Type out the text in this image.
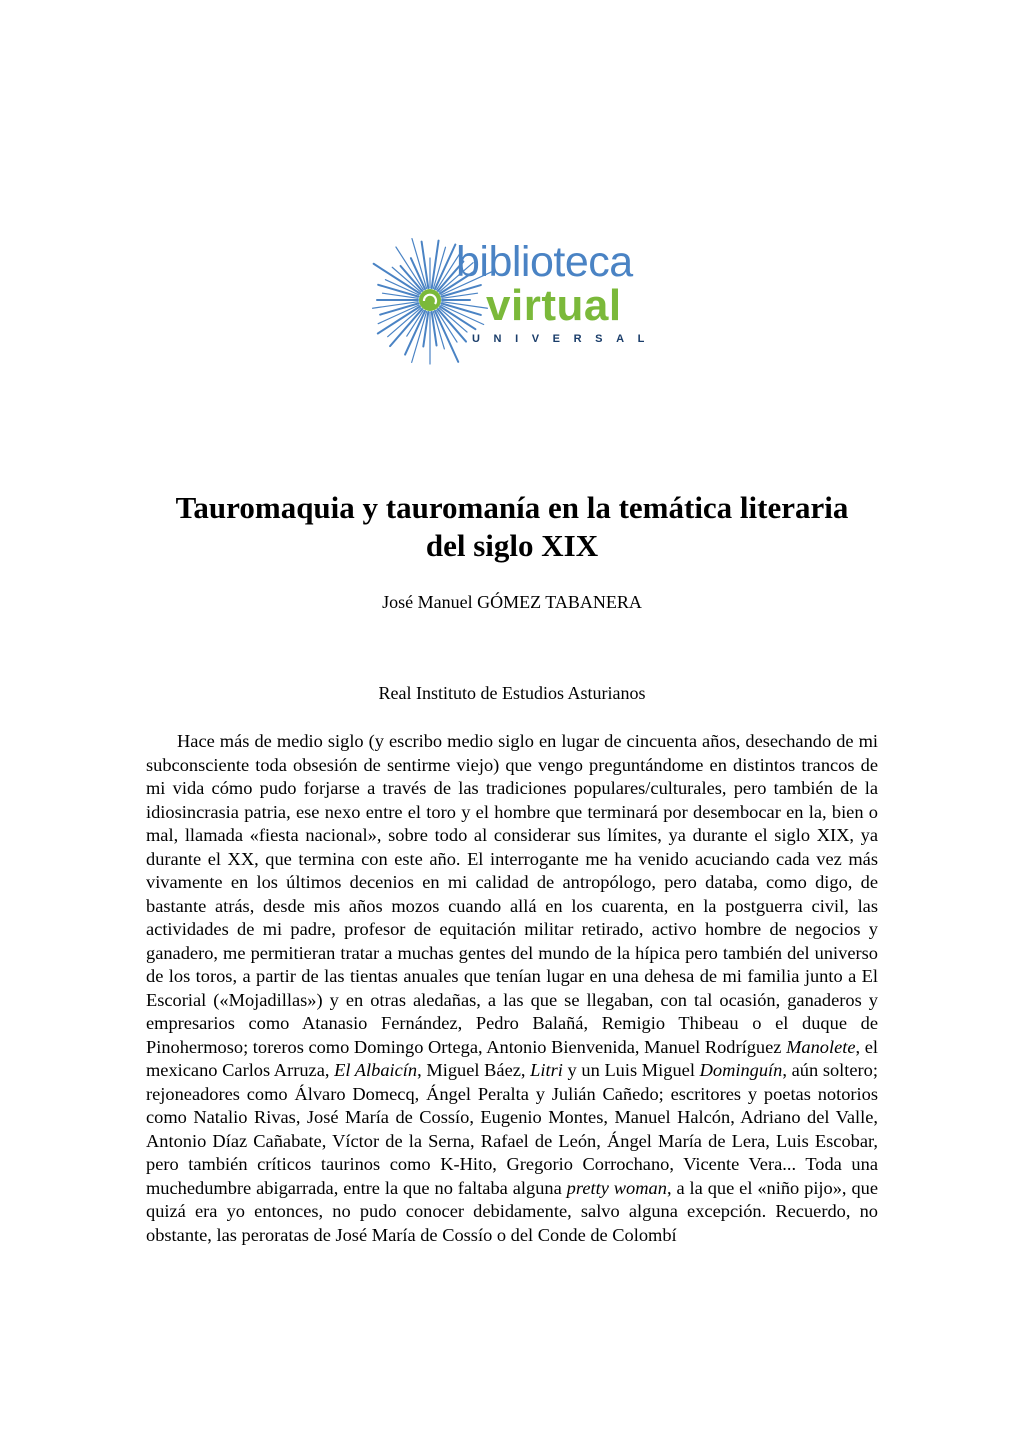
biblioteca
virtual
UNIVERSAL
Tauromaquia y tauromanía en la temática literaria
del siglo XIX
José Manuel GÓMEZ TABANERA
Real Instituto de Estudios Asturianos

Hace más de medio siglo (y escribo medio siglo en lugar de cincuenta años, desechando de mi subconsciente toda obsesión de sentirme viejo) que vengo preguntándome en distintos trancos de mi vida cómo pudo forjarse a través de las tradiciones populares/culturales, pero también de la idiosincrasia patria, ese nexo entre el toro y el hombre que terminará por desembocar en la, bien o mal, llamada «fiesta nacional», sobre todo al considerar sus límites, ya durante el siglo XIX, ya durante el XX, que termina con este año. El interrogante me ha venido acuciando cada vez más vivamente en los últimos decenios en mi calidad de antropólogo, pero databa, como digo, de bastante atrás, desde mis años mozos cuando allá en los cuarenta, en la postguerra civil, las actividades de mi padre, profesor de equitación militar retirado, activo hombre de negocios y ganadero, me permitieran tratar a muchas gentes del mundo de la hípica pero también del universo de los toros, a partir de las tientas anuales que tenían lugar en una dehesa de mi familia junto a El Escorial («Mojadillas») y en otras aledañas, a las que se llegaban, con tal ocasión, ganaderos y empresarios como Atanasio Fernández, Pedro Balañá, Remigio Thibeau o el duque de Pinohermoso; toreros como Domingo Ortega, Antonio Bienvenida, Manuel Rodríguez Manolete, el mexicano Carlos Arruza, El Albaicín, Miguel Báez, Litri y un Luis Miguel Dominguín, aún soltero; rejoneadores como Álvaro Domecq, Ángel Peralta y Julián Cañedo; escritores y poetas notorios como Natalio Rivas, José María de Cossío, Eugenio Montes, Manuel Halcón, Adriano del Valle, Antonio Díaz Cañabate, Víctor de la Serna, Rafael de León, Ángel María de Lera, Luis Escobar, pero también críticos taurinos como K-Hito, Gregorio Corrochano, Vicente Vera... Toda una muchedumbre abigarrada, entre la que no faltaba alguna pretty woman, a la que el «niño pijo», que quizá era yo entonces, no pudo conocer debidamente, salvo alguna excepción. Recuerdo, no obstante, las peroratas de José María de Cossío o del Conde de Colombí
